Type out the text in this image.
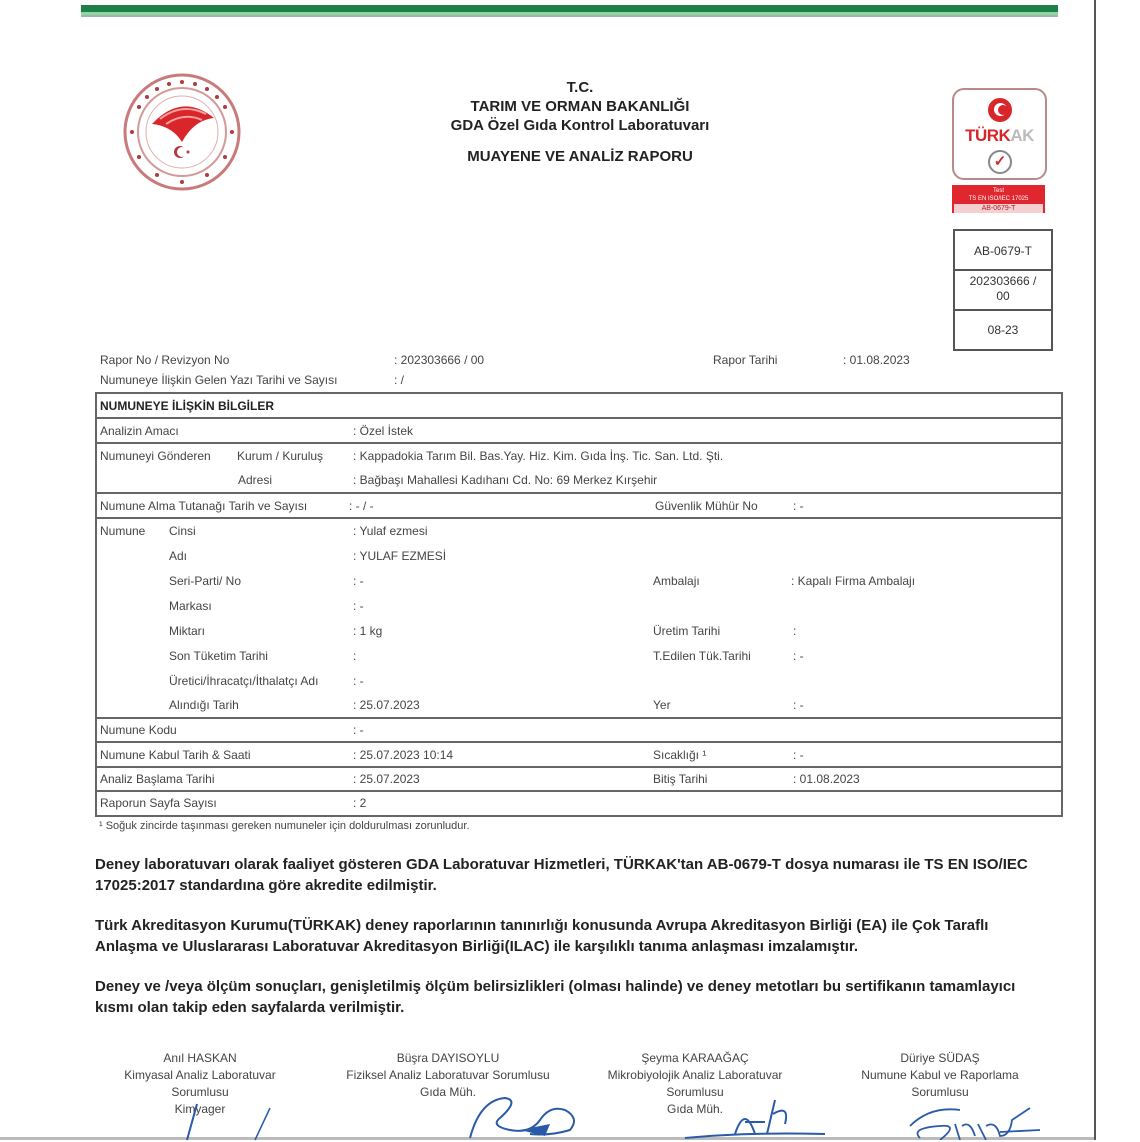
T.C.
TARIM VE ORMAN BAKANLIĞI
GDA Özel Gıda Kontrol Laboratuvarı
MUAYENE VE ANALİZ RAPORU
TÜRKAK
✓
Test
TS EN ISO/IEC 17025
AB-0679-T
AB-0679-T
202303666 /
00
08-23
Rapor No / Revizyon No	: 202303666 / 00	Rapor Tarihi	: 01.08.2023
Numuneye İlişkin Gelen Yazı Tarihi ve Sayısı	: /
NUMUNEYE İLİŞKİN BİLGİLER
Analizin Amacı	: Özel İstek
Numuneyi Gönderen Kurum / Kuruluş : Kappadokia Tarım Bil. Bas.Yay. Hiz. Kim. Gıda İnş. Tic. San. Ltd. Şti.
Adresi	: Bağbaşı Mahallesi Kadıhanı Cd. No: 69 Merkez Kırşehir
Numune Alma Tutanağı Tarih ve Sayısı	: - / -	Güvenlik Mühür No	: -
Numune Cinsi	: Yulaf ezmesi
Adı	: YULAF EZMESİ
Seri-Parti/ No	: -	Ambalajı	: Kapalı Firma Ambalajı
Markası	: -
Miktarı	: 1 kg	Üretim Tarihi	:
Son Tüketim Tarihi	:	T.Edilen Tük.Tarihi	: -
Üretici/İhracatçı/İthalatçı Adı	: -
Alındığı Tarih	: 25.07.2023	Yer	: -
Numune Kodu	: -
Numune Kabul Tarih & Saati	: 25.07.2023 10:14	Sıcaklığı ¹	: -
Analiz Başlama Tarihi	: 25.07.2023	Bitiş Tarihi	: 01.08.2023
Raporun Sayfa Sayısı	: 2
¹ Soğuk zincirde taşınması gereken numuneler için doldurulması zorunludur.

Deney laboratuvarı olarak faaliyet gösteren GDA Laboratuvar Hizmetleri, TÜRKAK'tan AB-0679-T dosya numarası ile TS EN ISO/IEC 17025:2017 standardına göre akredite edilmiştir.

Türk Akreditasyon Kurumu(TÜRKAK) deney raporlarının tanınırlığı konusunda Avrupa Akreditasyon Birliği (EA) ile Çok Taraflı Anlaşma ve Uluslararası Laboratuvar Akreditasyon Birliği(ILAC) ile karşılıklı tanıma anlaşması imzalamıştır.

Deney ve /veya ölçüm sonuçları, genişletilmiş ölçüm belirsizlikleri (olması halinde) ve deney metotları bu sertifikanın tamamlayıcı kısmı olan takip eden sayfalarda verilmiştir.

Anıl HASKAN
Kimyasal Analiz Laboratuvar
Sorumlusu
Kimyager
Büşra DAYISOYLU
Fiziksel Analiz Laboratuvar Sorumlusu
Gıda Müh.
Şeyma KARAAĞAÇ
Mikrobiyolojik Analiz Laboratuvar
Sorumlusu
Gıda Müh.
Düriye SÜDAŞ
Numune Kabul ve Raporlama
Sorumlusu
